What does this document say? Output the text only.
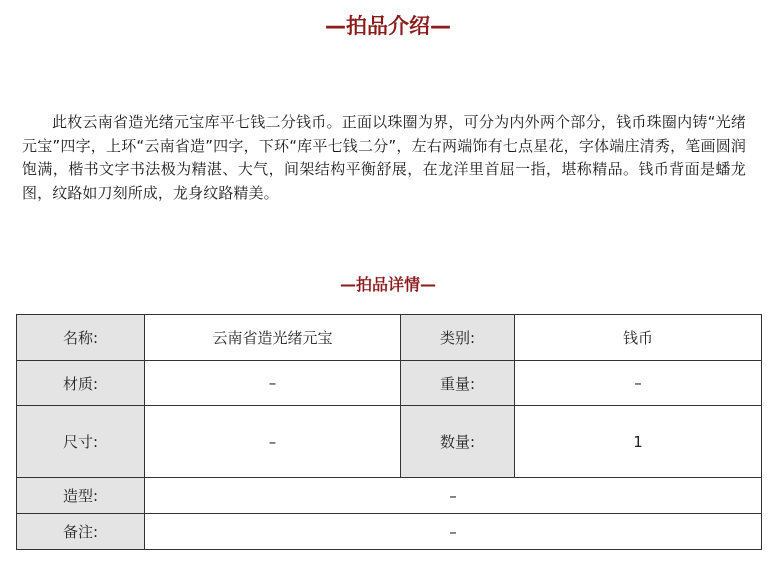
—拍品介绍—

此枚云南省造光绪元宝库平七钱二分钱币。正面以珠圈为界，可分为内外两个部分，钱币珠圈内铸“光绪元宝”四字，上环“云南省造”四字，下环“库平七钱二分”，左右两端饰有七点星花，字体端庄清秀，笔画圆润饱满，楷书文字书法极为精湛、大气，间架结构平衡舒展，在龙洋里首屈一指，堪称精品。钱币背面是蟠龙图，纹路如刀刻所成，龙身纹路精美。

—拍品详情—
名称:	云南省造光绪元宝	类别:	钱币
材质:	–	重量:	–
尺寸:	–	数量:	1
造型:	–		
备注:	–		
